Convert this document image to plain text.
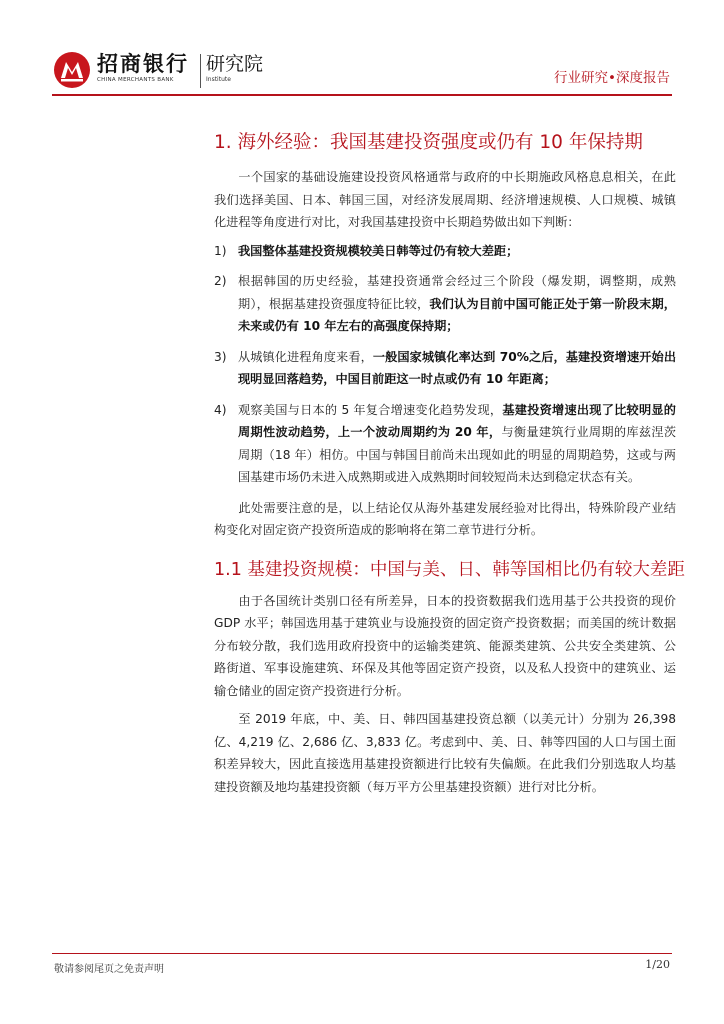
招商银行
CHINA MERCHANTS BANK
研究院
Institute	行业研究•深度报告
1. 海外经验：我国基建投资强度或仍有 10 年保持期

一个国家的基础设施建设投资风格通常与政府的中长期施政风格息息相关，在此我们选择美国、日本、韩国三国，对经济发展周期、经济增速规模、人口规模、城镇化进程等角度进行对比，对我国基建投资中长期趋势做出如下判断：

1) 我国整体基建投资规模较美日韩等过仍有较大差距；
2) 根据韩国的历史经验，基建投资通常会经过三个阶段（爆发期，调整期，成熟期），根据基建投资强度特征比较，我们认为目前中国可能正处于第一阶段末期，未来或仍有 10 年左右的高强度保持期；
3) 从城镇化进程角度来看，一般国家城镇化率达到 70%之后，基建投资增速开始出现明显回落趋势，中国目前距这一时点或仍有 10 年距离；
4) 观察美国与日本的 5 年复合增速变化趋势发现，基建投资增速出现了比较明显的周期性波动趋势，上一个波动周期约为 20 年，与衡量建筑行业周期的库兹涅茨周期（18 年）相仿。中国与韩国目前尚未出现如此的明显的周期趋势，这或与两国基建市场仍未进入成熟期或进入成熟期时间较短尚未达到稳定状态有关。

此处需要注意的是，以上结论仅从海外基建发展经验对比得出，特殊阶段产业结构变化对固定资产投资所造成的影响将在第二章节进行分析。

1.1 基建投资规模：中国与美、日、韩等国相比仍有较大差距

由于各国统计类别口径有所差异，日本的投资数据我们选用基于公共投资的现价 GDP 水平；韩国选用基于建筑业与设施投资的固定资产投资数据；而美国的统计数据分布较分散，我们选用政府投资中的运输类建筑、能源类建筑、公共安全类建筑、公路街道、军事设施建筑、环保及其他等固定资产投资，以及私人投资中的建筑业、运输仓储业的固定资产投资进行分析。

至 2019 年底，中、美、日、韩四国基建投资总额（以美元计）分别为 26,398 亿、4,219 亿、2,686 亿、3,833 亿。考虑到中、美、日、韩等四国的人口与国土面积差异较大，因此直接选用基建投资额进行比较有失偏颇。在此我们分别选取人均基建投资额及地均基建投资额（每万平方公里基建投资额）进行对比分析。

敬请参阅尾页之免责声明	1/20
